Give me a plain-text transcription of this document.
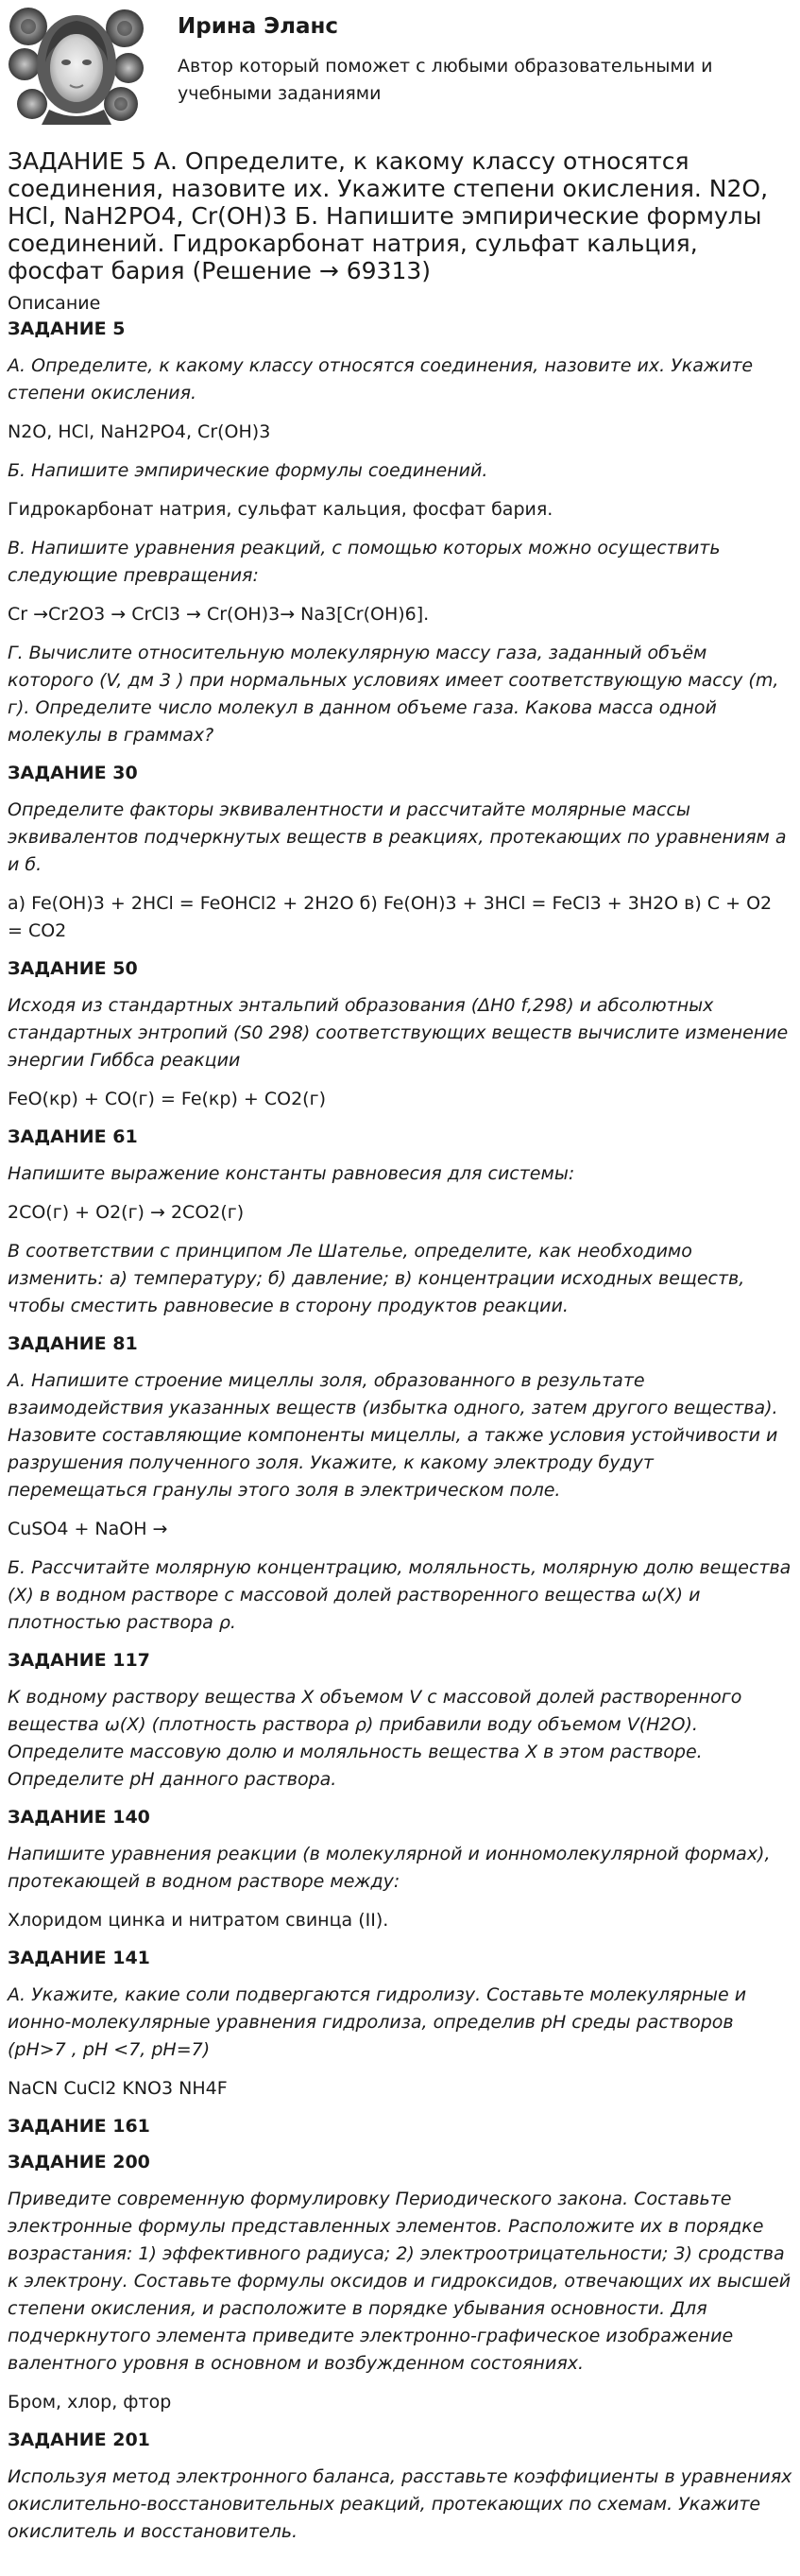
Ирина Эланс
Автор который поможет с любыми образовательными и учебными заданиями
ЗАДАНИЕ 5 А. Определите, к какому классу относятся соединения, назовите их. Укажите степени окисления. N2O, HCl, NaH2PO4, Cr(OH)3 Б. Напишите эмпирические формулы соединений. Гидрокарбонат натрия, сульфат кальция, фосфат бария (Решение → 69313)
Описание
ЗАДАНИЕ 5

А. Определите, к какому классу относятся соединения, назовите их. Укажите степени окисления.

N2O, HCl, NaH2PO4, Cr(OH)3

Б. Напишите эмпирические формулы соединений.

Гидрокарбонат натрия, сульфат кальция, фосфат бария.

В. Напишите уравнения реакций, с помощью которых можно осуществить следующие превращения:

Cr →Cr2O3 → CrCl3 → Cr(OH)3→ Na3[Cr(OH)6].

Г. Вычислите относительную молекулярную массу газа, заданный объём которого (V, дм 3 ) при нормальных условиях имеет соответствующую массу (m, г). Определите число молекул в данном объеме газа. Какова масса одной молекулы в граммах?

ЗАДАНИЕ 30

Определите факторы эквивалентности и рассчитайте молярные массы эквивалентов подчеркнутых веществ в реакциях, протекающих по уравнениям а и б.

а) Fe(OH)3 + 2HCl = FeOHCl2 + 2H2O б) Fe(OH)3 + 3HCl = FeCl3 + 3H2O в) C + O2 = CO2

ЗАДАНИЕ 50

Исходя из стандартных энтальпий образования (ΔH0 f,298) и абсолютных стандартных энтропий (S0 298) соответствующих веществ вычислите изменение энергии Гиббса реакции

FeO(кр) + CO(г) = Fe(кр) + CO2(г)

ЗАДАНИЕ 61

Напишите выражение константы равновесия для системы:

2CO(г) + O2(г) → 2CO2(г)

В соответствии с принципом Ле Шателье, определите, как необходимо изменить: а) температуру; б) давление; в) концентрации исходных веществ, чтобы сместить равновесие в сторону продуктов реакции.

ЗАДАНИЕ 81

А. Напишите строение мицеллы золя, образованного в результате взаимодействия указанных веществ (избытка одного, затем другого вещества). Назовите составляющие компоненты мицеллы, а также условия устойчивости и разрушения полученного золя. Укажите, к какому электроду будут перемещаться гранулы этого золя в электрическом поле.

CuSO4 + NaOH →

Б. Рассчитайте молярную концентрацию, моляльность, молярную долю вещества (Х) в водном растворе с массовой долей растворенного вещества ω(Х) и плотностью раствора ρ.

ЗАДАНИЕ 117

К водному раствору вещества Х объемом V с массовой долей растворенного вещества ω(Х) (плотность раствора ρ) прибавили воду объемом V(Н2О). Определите массовую долю и моляльность вещества Х в этом растворе. Определите рН данного раствора.

ЗАДАНИЕ 140

Напишите уравнения реакции (в молекулярной и ионномолекулярной формах), протекающей в водном растворе между:

Хлоридом цинка и нитратом свинца (II).

ЗАДАНИЕ 141

А. Укажите, какие соли подвергаются гидролизу. Составьте молекулярные и ионно-молекулярные уравнения гидролиза, определив pH среды растворов (pH>7 , pH <7, pH=7)

NaCN CuCl2 KNO3 NH4F

ЗАДАНИЕ 161
ЗАДАНИЕ 200

Приведите современную формулировку Периодического закона. Составьте электронные формулы представленных элементов. Расположите их в порядке возрастания: 1) эффективного радиуса; 2) электроотрицательности; 3) сродства к электрону. Составьте формулы оксидов и гидроксидов, отвечающих их высшей степени окисления, и расположите в порядке убывания основности. Для подчеркнутого элемента приведите электронно-графическое изображение валентного уровня в основном и возбужденном состояниях.

Бром, хлор, фтор

ЗАДАНИЕ 201

Используя метод электронного баланса, расставьте коэффициенты в уравнениях окислительно-восстановительных реакций, протекающих по схемам. Укажите окислитель и восстановитель.
